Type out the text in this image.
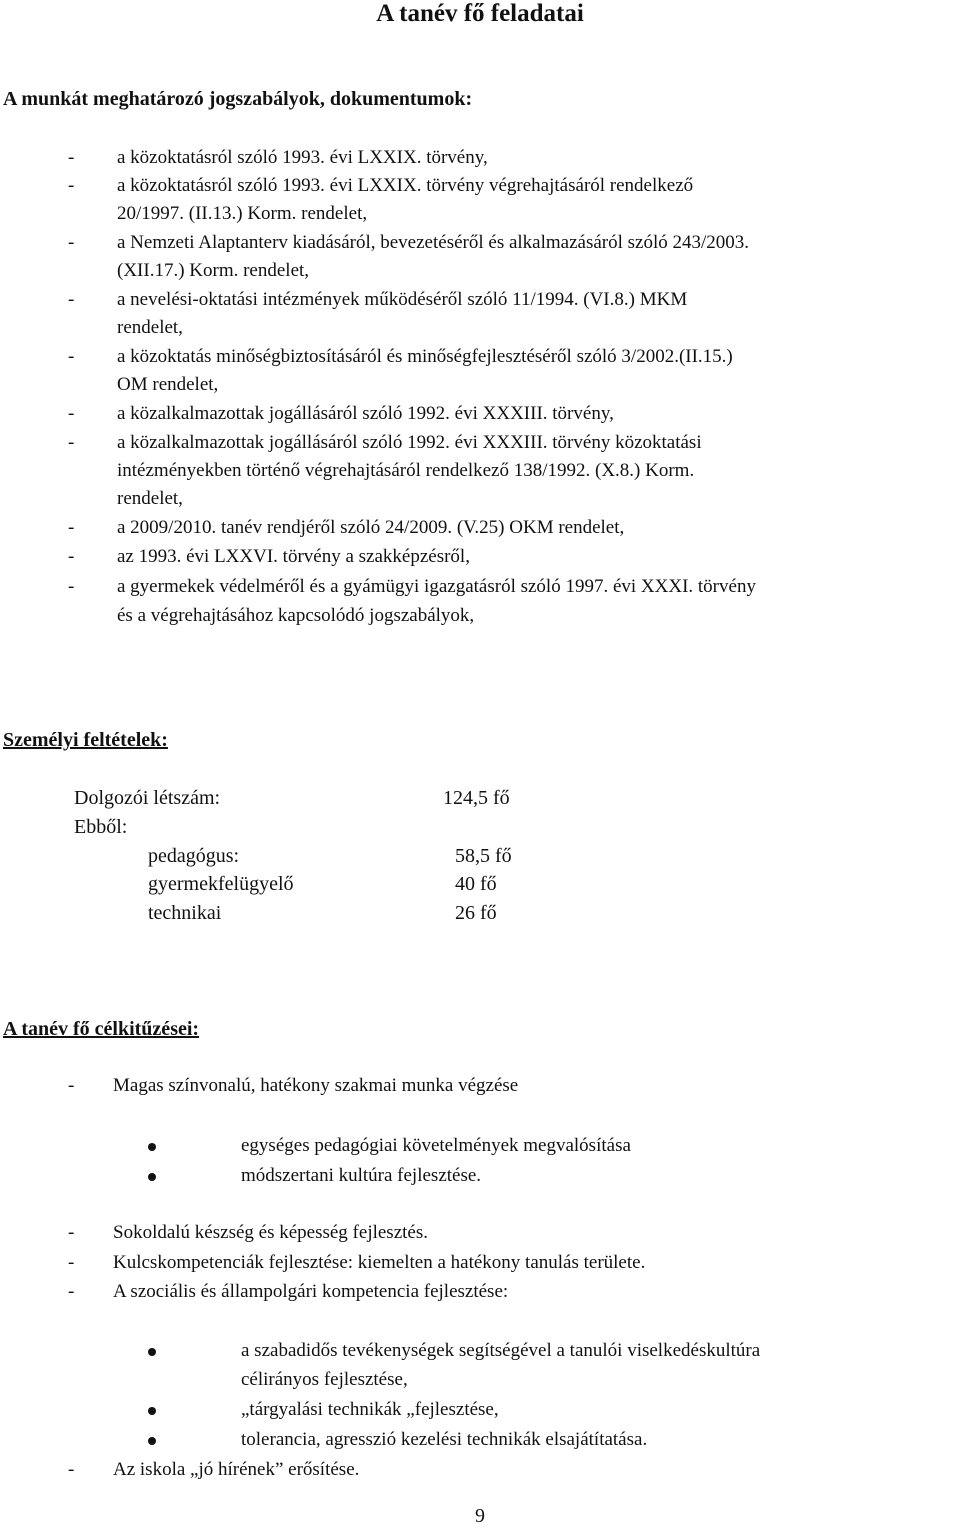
A tanév fő feladatai
A munkát meghatározó jogszabályok, dokumentumok:
- a közoktatásról szóló 1993. évi LXXIX. törvény,
- a közoktatásról szóló 1993. évi LXXIX. törvény végrehajtásáról rendelkező
20/1997. (II.13.) Korm. rendelet,
- a Nemzeti Alaptanterv kiadásáról, bevezetéséről és alkalmazásáról szóló 243/2003.
(XII.17.) Korm. rendelet,
- a nevelési-oktatási intézmények működéséről szóló 11/1994. (VI.8.) MKM
rendelet,
- a közoktatás minőségbiztosításáról és minőségfejlesztéséről szóló 3/2002.(II.15.)
OM rendelet,
- a közalkalmazottak jogállásáról szóló 1992. évi XXXIII. törvény,
- a közalkalmazottak jogállásáról szóló 1992. évi XXXIII. törvény közoktatási
intézményekben történő végrehajtásáról rendelkező 138/1992. (X.8.) Korm.
rendelet,
- a 2009/2010. tanév rendjéről szóló 24/2009. (V.25) OKM rendelet,
- az 1993. évi LXXVI. törvény a szakképzésről,
- a gyermekek védelméről és a gyámügyi igazgatásról szóló 1997. évi XXXI. törvény
és a végrehajtásához kapcsolódó jogszabályok,
Személyi feltételek:
Dolgozói létszám:	124,5 fő
Ebből:
pedagógus:	58,5 fő
gyermekfelügyelő	40 fő
technikai	26 fő
A tanév fő célkitűzései:
- Magas színvonalú, hatékony szakmai munka végzése
egységes pedagógiai követelmények megvalósítása
módszertani kultúra fejlesztése.
- Sokoldalú készség és képesség fejlesztés.
- Kulcskompetenciák fejlesztése: kiemelten a hatékony tanulás területe.
- A szociális és állampolgári kompetencia fejlesztése:
a szabadidős tevékenységek segítségével a tanulói viselkedéskultúra
célirányos fejlesztése,
„tárgyalási technikák „fejlesztése,
tolerancia, agresszió kezelési technikák elsajátítatása.
- Az iskola „jó hírének” erősítése.
9
